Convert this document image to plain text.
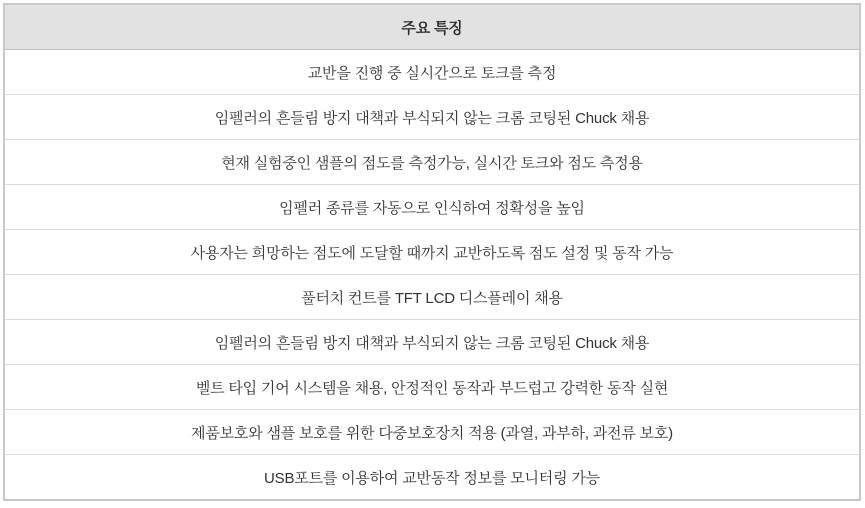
주요 특징
교반을 진행 중 실시간으로 토크를 측정
임펠러의 흔들림 방지 대책과 부식되지 않는 크롬 코팅된 Chuck 채용
현재 실험중인 샘플의 점도를 측정가능, 실시간 토크와 점도 측정용
임펠러 종류를 자동으로 인식하여 정확성을 높임
사용자는 희망하는 점도에 도달할 때까지 교반하도록 점도 설정 및 동작 가능
풀터치 컨트를 TFT LCD 디스플레이 채용
임펠러의 흔들림 방지 대책과 부식되지 않는 크롬 코팅된 Chuck 채용
벨트 타입 기어 시스템을 채용, 안정적인 동작과 부드럽고 강력한 동작 실현
제품보호와 샘플 보호를 위한 다중보호장치 적용 (과열, 과부하, 과전류 보호)
USB포트를 이용하여 교반동작 정보를 모니터링 가능
